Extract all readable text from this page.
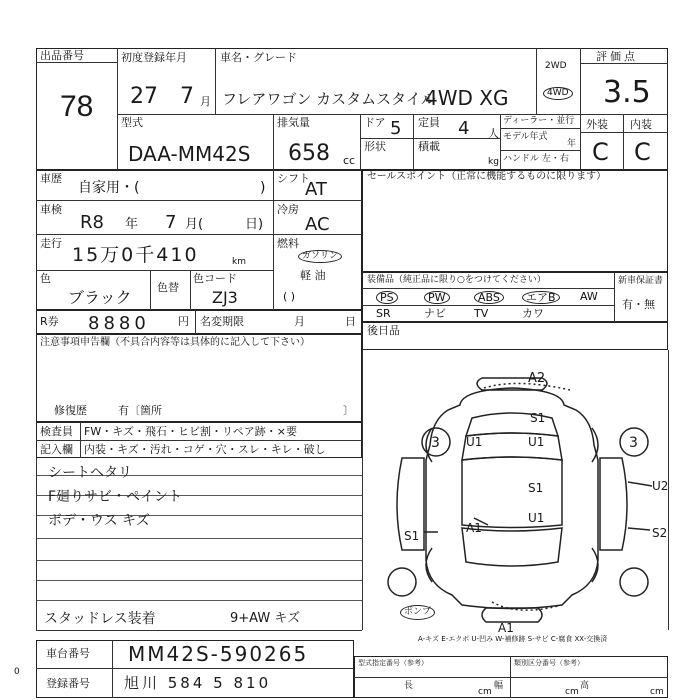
出品番号
78
初度登録年月
27 7 月
車名・グレード
フレアワゴン カスタムスタイル
4WD XG
2WD
4WD
評価点
3.5
型式
DAA-MM42S
排気量
658 cc
ドア 5
形状
定員 4 人
積載
kg
ディーラー・並行
モデル年式
年
ハンドル 左・右
外装 内装
C C
車歴
自家用・(	)
シフト
AT
車検
R8 年 7 月(	日)
冷房
AC
走行
15万0千410	km
燃料
ガソリン
軽 油
( )
色
ブラック
色替
色コード
ZJ3
R券 8880	円 名変期限	月	日
注意事項申告欄（不具合内容等は具体的に記入して下さい）
修復歴	有〔箇所	〕
セールスポイント（正常に機能するものに限ります）
装備品（純正品に限り○をつけてください）	新車保証書
有・無
PS	PW	ABS	エアB	AW
SR	ナビ	TV	カワ
後日品
検査員
記入欄
FW・キズ・飛石・ヒビ割・リペア跡・×要
内装・キズ・汚れ・コゲ・穴・スレ・キレ・破し
シートヘタリ
F廻りサビ・ペイント
ボデ・ウス キズ
スタッドレス装着	9+AW キズ
A2
S1
U1	U1
S1
U1
U2
A1
S1	S2
A1
3	3
ポンプ
A-キズ E-エクボ U-凹み W-補修跡 S-サビ C-腐食 XX-交換済
車台番号 MM42S-590265
登録番号 旭川 584 5 810
型式指定番号（参考）	類別区分番号（参考）
長
cm
幅
cm
高
cm
0
